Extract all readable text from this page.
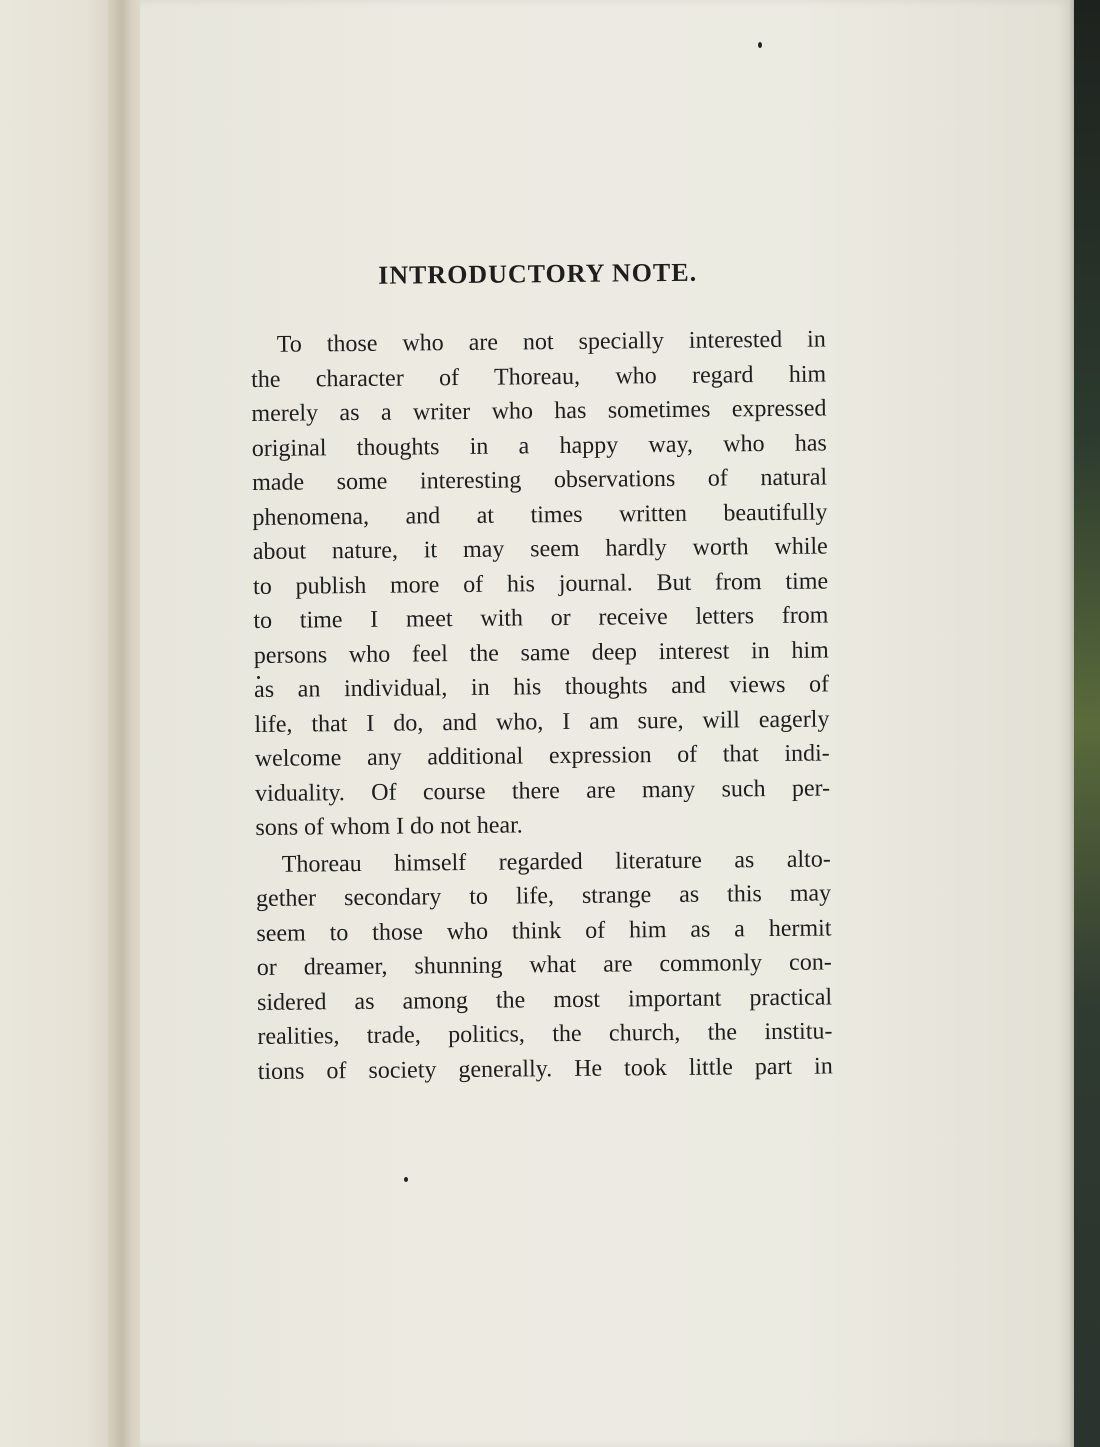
INTRODUCTORY NOTE.

To those who are not specially interested in
the character of Thoreau, who regard him
merely as a writer who has sometimes expressed
original thoughts in a happy way, who has
made some interesting observations of natural
phenomena, and at times written beautifully
about nature, it may seem hardly worth while
to publish more of his journal. But from time
to time I meet with or receive letters from
persons who feel the same deep interest in him
as an individual, in his thoughts and views of
life, that I do, and who, I am sure, will eagerly
welcome any additional expression of that indi-
viduality. Of course there are many such per-
sons of whom I do not hear.

Thoreau himself regarded literature as alto-
gether secondary to life, strange as this may
seem to those who think of him as a hermit
or dreamer, shunning what are commonly con-
sidered as among the most important practical
realities, trade, politics, the church, the institu-
tions of society generally. He took little part in
